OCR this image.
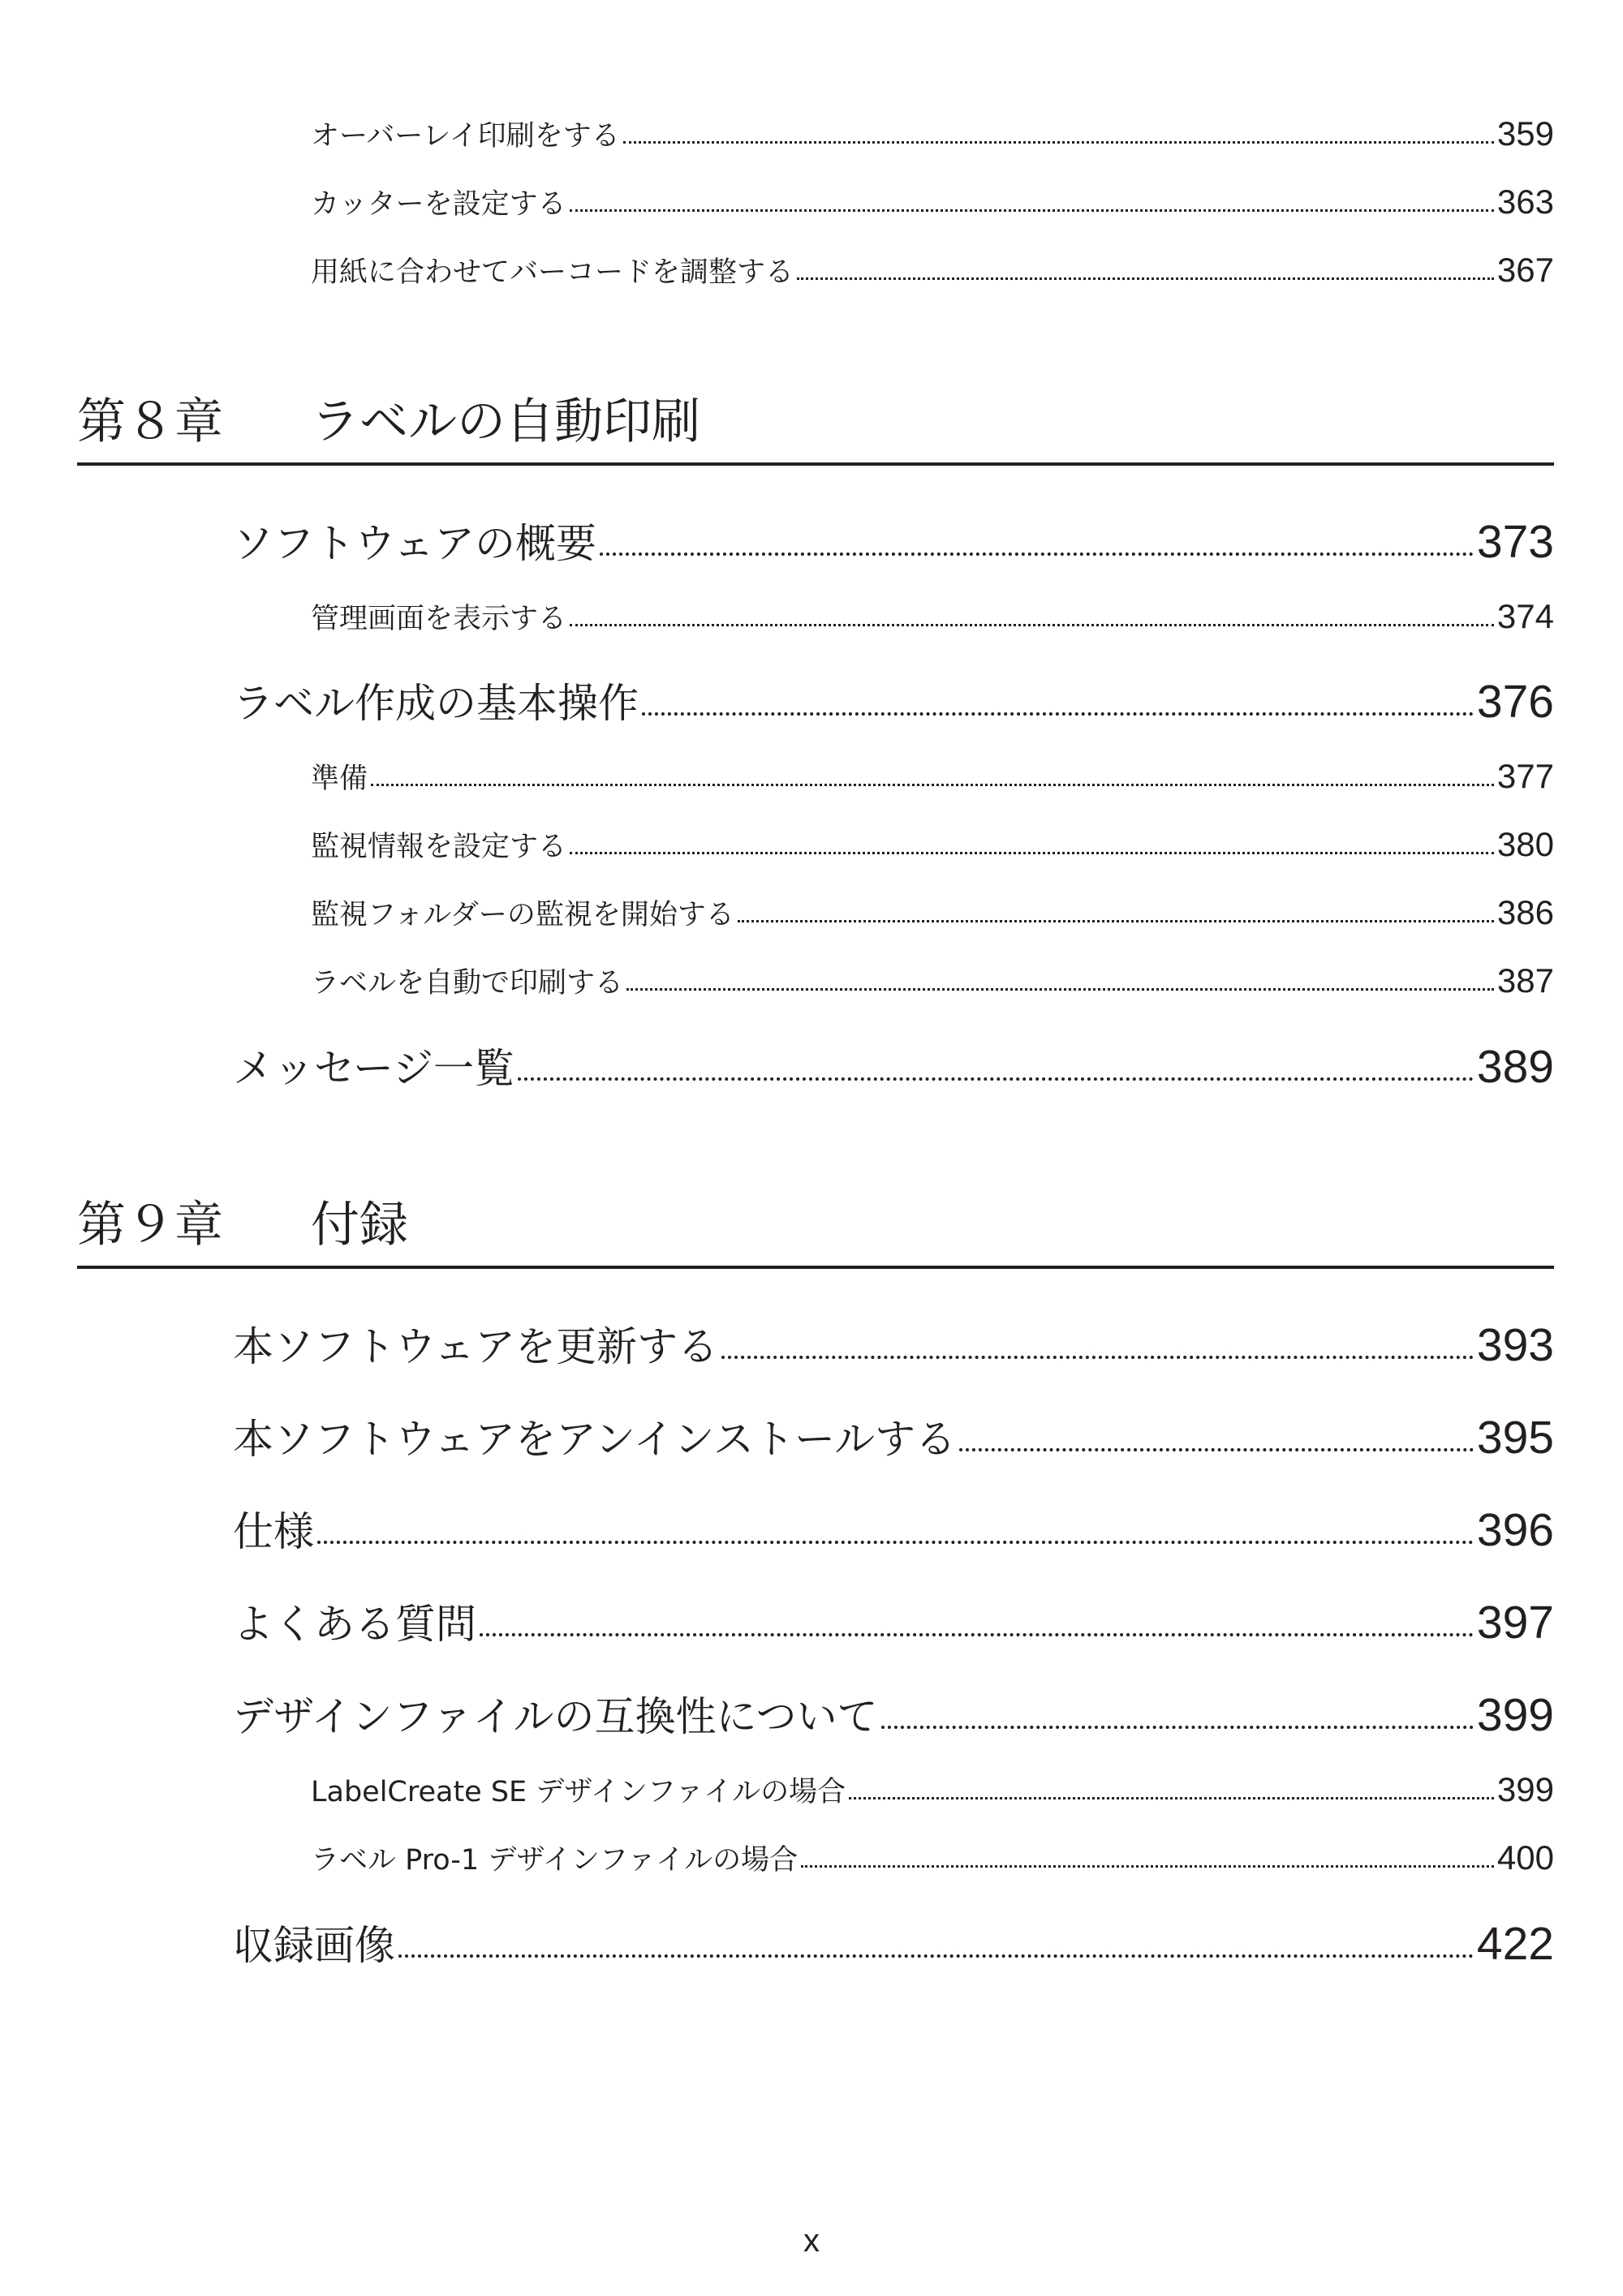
オーバーレイ印刷をする	359
カッターを設定する	363
用紙に合わせてバーコードを調整する	367
第８章 ラベルの自動印刷
ソフトウェアの概要	373
管理画面を表示する	374
ラベル作成の基本操作	376
準備	377
監視情報を設定する	380
監視フォルダーの監視を開始する	386
ラベルを自動で印刷する	387
メッセージ一覧	389
第９章 付録
本ソフトウェアを更新する	393
本ソフトウェアをアンインストールする	395
仕様	396
よくある質問	397
デザインファイルの互換性について	399
LabelCreate SE デザインファイルの場合	399
ラベル Pro-1 デザインファイルの場合	400
収録画像	422
x
